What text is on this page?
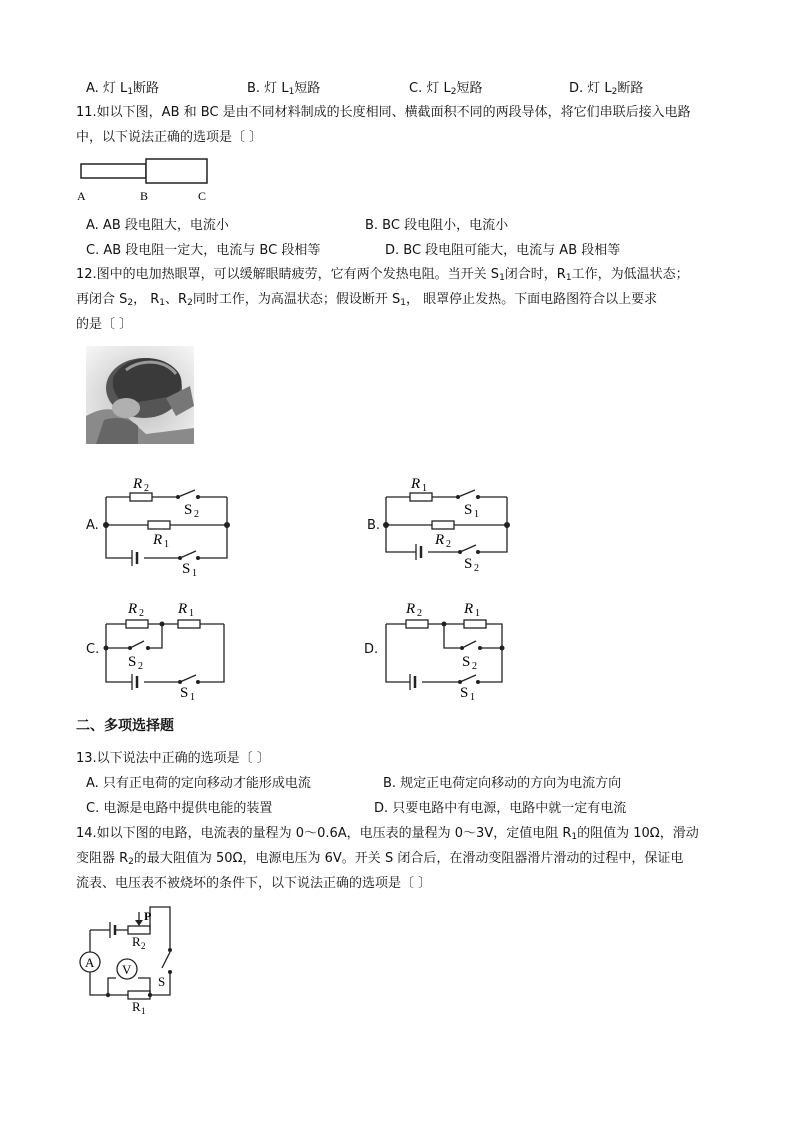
A. 灯 $L_1$断路	B. 灯 $L_1$短路	C. 灯 $L_2$短路	D. 灯 $L_2$断路
11.如以下图，AB 和 BC 是由不同材料制成的长度相同、横截面积不同的两段导体，将它们串联后接入电路
中，以下说法正确的选项是〔 〕
A	B	C
A. AB 段电阻大，电流小	B. BC 段电阻小，电流小
C. AB 段电阻一定大，电流与 BC 段相等	D. BC 段电阻可能大，电流与 AB 段相等
12.图中的电加热眼罩，可以缓解眼睛疲劳，它有两个发热电阻。当开关 $S_1$闭合时，$R_1$工作，为低温状态；
再闭合 $S_2$， $R_1$、$R_2$同时工作，为高温状态；假设断开 $S_1$， 眼罩停止发热。下面电路图符合以上要求
的是〔 〕
A.
R 2
S 2
R 1
S 1
B.
R 1
S 1
R 2
S 2
C.
R 2 R 1
S 2
S 1
D.
R 2	R 1
S 2
S 1
二、多项选择题
13.以下说法中正确的选项是〔 〕
A. 只有正电荷的定向移动才能形成电流	B. 规定正电荷定向移动的方向为电流方向
C. 电源是电路中提供电能的装置	D. 只要电路中有电源，电路中就一定有电流
14.如以下图的电路，电流表的量程为 0～0.6A，电压表的量程为 0～3V，定值电阻 $R_1$的阻值为 10Ω，滑动
变阻器 $R_2$的最大阻值为 50Ω，电源电压为 6V。开关 S 闭合后，在滑动变阻器滑片滑动的过程中，保证电
流表、电压表不被烧坏的条件下，以下说法正确的选项是〔 〕
P
R 2
A V
S
R 1
